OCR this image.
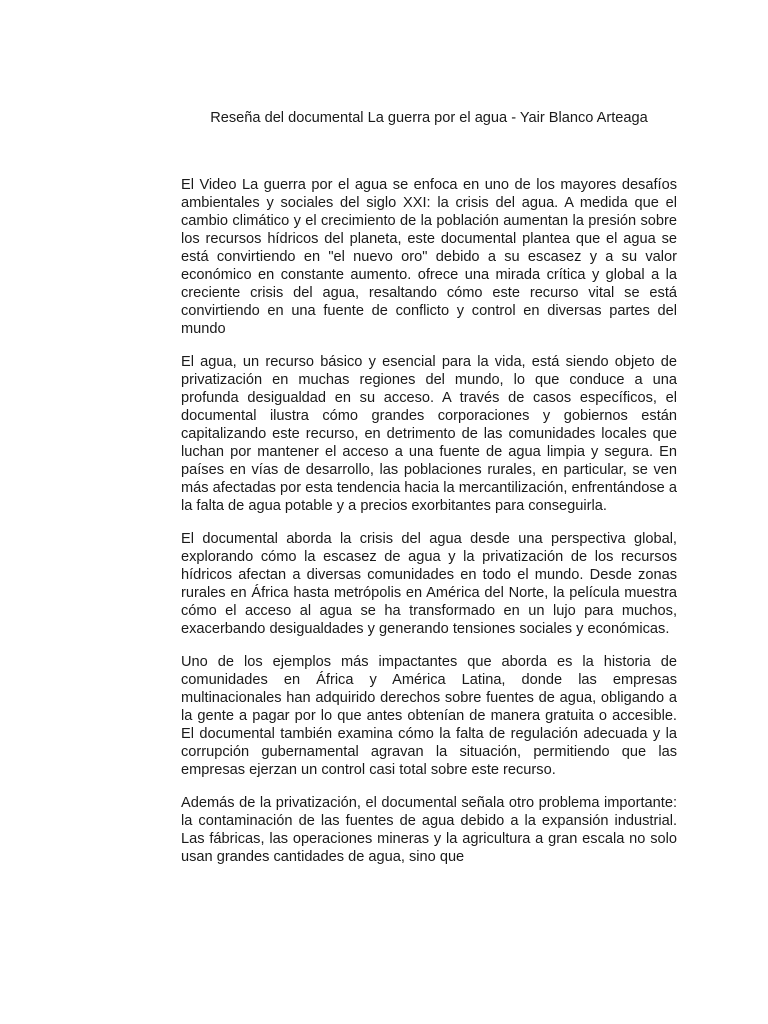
Reseña del documental La guerra por el agua - Yair Blanco Arteaga

El Video La guerra por el agua se enfoca en uno de los mayores desafíos ambientales y sociales del siglo XXI: la crisis del agua. A medida que el cambio climático y el crecimiento de la población aumentan la presión sobre los recursos hídricos del planeta, este documental plantea que el agua se está convirtiendo en "el nuevo oro" debido a su escasez y a su valor económico en constante aumento. ofrece una mirada crítica y global a la creciente crisis del agua, resaltando cómo este recurso vital se está convirtiendo en una fuente de conflicto y control en diversas partes del mundo

El agua, un recurso básico y esencial para la vida, está siendo objeto de privatización en muchas regiones del mundo, lo que conduce a una profunda desigualdad en su acceso. A través de casos específicos, el documental ilustra cómo grandes corporaciones y gobiernos están capitalizando este recurso, en detrimento de las comunidades locales que luchan por mantener el acceso a una fuente de agua limpia y segura. En países en vías de desarrollo, las poblaciones rurales, en particular, se ven más afectadas por esta tendencia hacia la mercantilización, enfrentándose a la falta de agua potable y a precios exorbitantes para conseguirla.

El documental aborda la crisis del agua desde una perspectiva global, explorando cómo la escasez de agua y la privatización de los recursos hídricos afectan a diversas comunidades en todo el mundo. Desde zonas rurales en África hasta metrópolis en América del Norte, la película muestra cómo el acceso al agua se ha transformado en un lujo para muchos, exacerbando desigualdades y generando tensiones sociales y económicas.

Uno de los ejemplos más impactantes que aborda es la historia de comunidades en África y América Latina, donde las empresas multinacionales han adquirido derechos sobre fuentes de agua, obligando a la gente a pagar por lo que antes obtenían de manera gratuita o accesible. El documental también examina cómo la falta de regulación adecuada y la corrupción gubernamental agravan la situación, permitiendo que las empresas ejerzan un control casi total sobre este recurso.

Además de la privatización, el documental señala otro problema importante: la contaminación de las fuentes de agua debido a la expansión industrial. Las fábricas, las operaciones mineras y la agricultura a gran escala no solo usan grandes cantidades de agua, sino que
